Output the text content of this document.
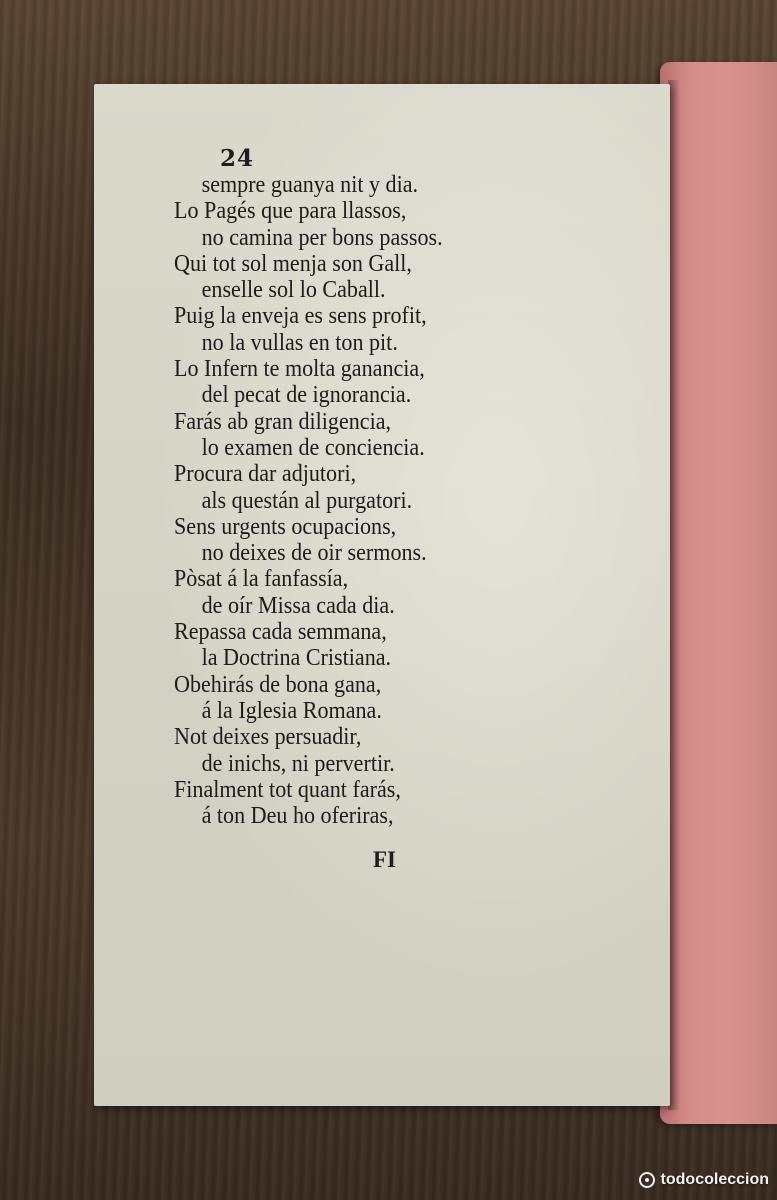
24
sempre guanya nit y dia.
Lo Pagés que para llassos,
no camina per bons passos.
Qui tot sol menja son Gall,
enselle sol lo Caball.
Puig la enveja es sens profit,
no la vullas en ton pit.
Lo Infern te molta ganancia,
del pecat de ignorancia.
Farás ab gran diligencia,
lo examen de conciencia.
Procura dar adjutori,
als questán al purgatori.
Sens urgents ocupacions,
no deixes de oir sermons.
Pòsat á la fanfassía,
de oír Missa cada dia.
Repassa cada semmana,
la Doctrina Cristiana.
Obehirás de bona gana,
á la Iglesia Romana.
Not deixes persuadir,
de inichs, ni pervertir.
Finalment tot quant farás,
á ton Deu ho oferiras,
FI
todocoleccion
